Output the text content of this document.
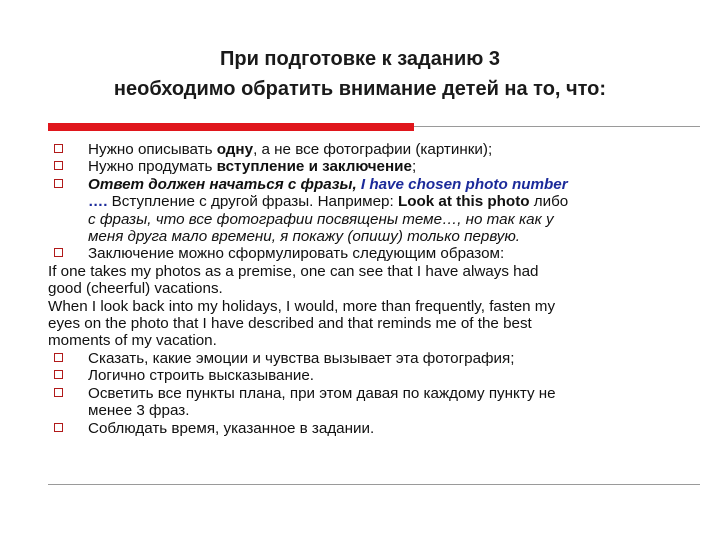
При подготовке к заданию 3
необходимо обратить внимание детей на то, что:
Нужно описывать одну, а не все фотографии (картинки);
Нужно продумать вступление и заключение;
Ответ должен начаться с фразы, I have chosen photo number
…. Вступление с другой фразы. Например: Look at this photo либо
с фразы, что все фотографии посвящены теме…, но так как у
меня друга мало времени, я покажу (опишу) только первую.
Заключение можно сформулировать следующим образом:
If one takes my photos as a premise, one can see that I have always had
good (cheerful) vacations.
When I look back into my holidays, I would, more than frequently, fasten my
eyes on the photo that I have described and that reminds me of the best
moments of my vacation.
Сказать, какие эмоции и чувства вызывает эта фотография;
Логично строить высказывание.
Осветить все пункты плана, при этом давая по каждому пункту не
менее 3 фраз.
Соблюдать время, указанное в задании.
